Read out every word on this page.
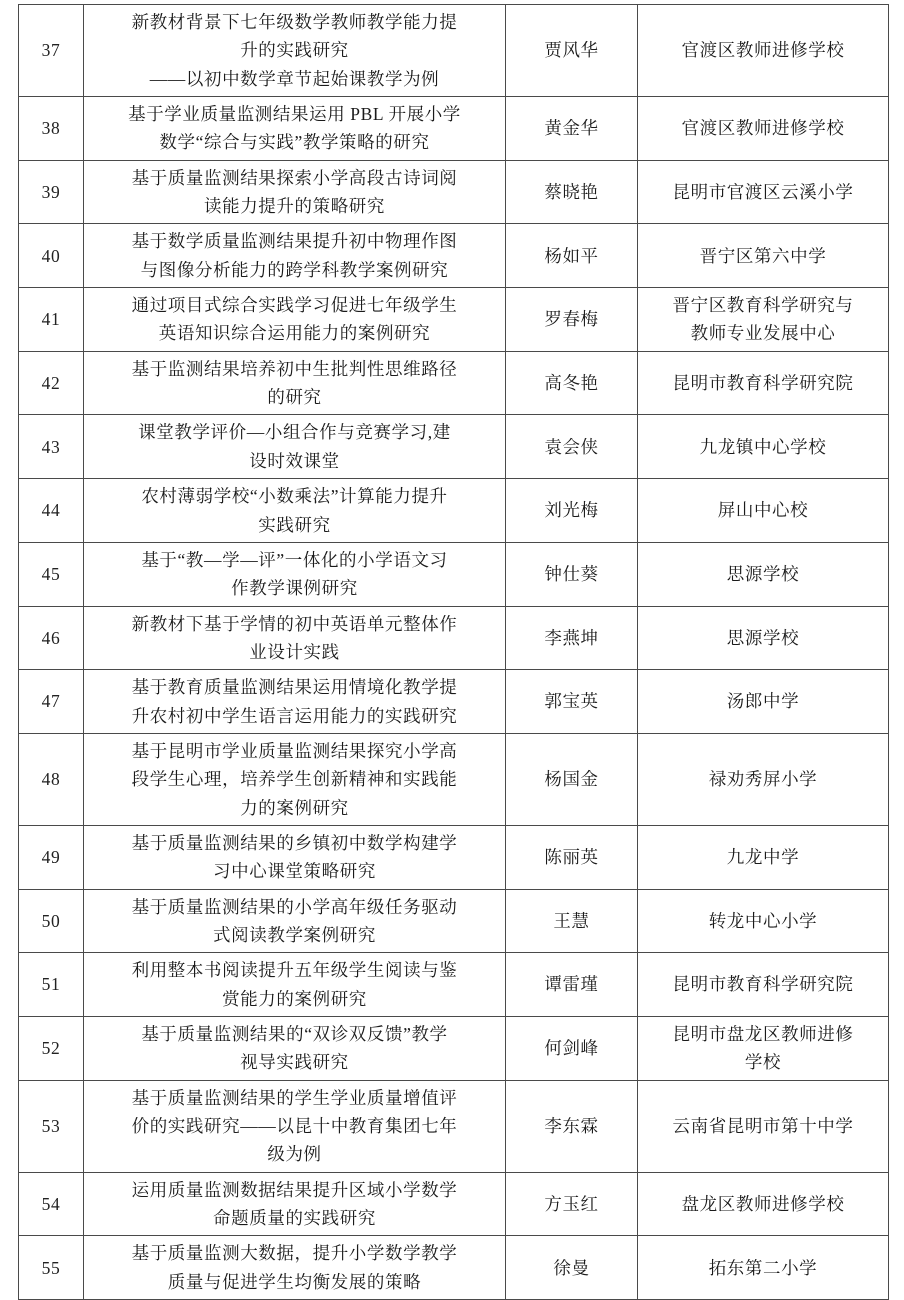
37	新教材背景下七年级数学教师教学能力提
升的实践研究
——以初中数学章节起始课教学为例	贾风华	官渡区教师进修学校

38	基于学业质量监测结果运用 PBL 开展小学
数学“综合与实践”教学策略的研究	黄金华	官渡区教师进修学校

39	基于质量监测结果探索小学高段古诗词阅
读能力提升的策略研究	蔡晓艳	昆明市官渡区云溪小学

40	基于数学质量监测结果提升初中物理作图
与图像分析能力的跨学科教学案例研究	杨如平	晋宁区第六中学

41	通过项目式综合实践学习促进七年级学生
英语知识综合运用能力的案例研究	罗春梅	晋宁区教育科学研究与
教师专业发展中心

42	基于监测结果培养初中生批判性思维路径
的研究	高冬艳	昆明市教育科学研究院

43	课堂教学评价—小组合作与竞赛学习,建
设时效课堂	袁会侠	九龙镇中心学校

44	农村薄弱学校“小数乘法”计算能力提升
实践研究	刘光梅	屏山中心校

45	基于“教—学—评”一体化的小学语文习
作教学课例研究	钟仕葵	思源学校

46	新教材下基于学情的初中英语单元整体作
业设计实践	李燕坤	思源学校

47	基于教育质量监测结果运用情境化教学提
升农村初中学生语言运用能力的实践研究	郭宝英	汤郎中学

48	基于昆明市学业质量监测结果探究小学高
段学生心理，培养学生创新精神和实践能
力的案例研究	杨国金	禄劝秀屏小学

49	基于质量监测结果的乡镇初中数学构建学
习中心课堂策略研究	陈丽英	九龙中学

50	基于质量监测结果的小学高年级任务驱动
式阅读教学案例研究	王慧	转龙中心小学

51	利用整本书阅读提升五年级学生阅读与鉴
赏能力的案例研究	谭雷瑾	昆明市教育科学研究院

52	基于质量监测结果的“双诊双反馈”教学
视导实践研究	何剑峰	昆明市盘龙区教师进修
学校

53	基于质量监测结果的学生学业质量增值评
价的实践研究——以昆十中教育集团七年
级为例	李东霖	云南省昆明市第十中学

54	运用质量监测数据结果提升区域小学数学
命题质量的实践研究	方玉红	盘龙区教师进修学校

55	基于质量监测大数据，提升小学数学教学
质量与促进学生均衡发展的策略	徐曼	拓东第二小学
